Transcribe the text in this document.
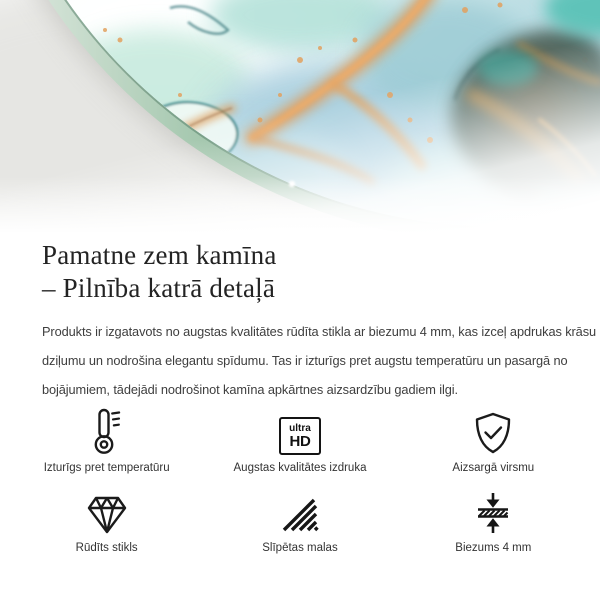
Pamatne zem kamīna
– Pilnība katrā detaļā

Produkts ir izgatavots no augstas kvalitātes rūdīta stikla ar biezumu 4 mm, kas izceļ apdrukas krāsu dziļumu un nodrošina elegantu spīdumu. Tas ir izturīgs pret augstu temperatūru un pasargā no bojājumiem, tādejādi nodrošinot kamīna apkārtnes aizsardzību gadiem ilgi.

Izturīgs pret temperatūru
ultra
HD
Augstas kvalitātes izdruka	Aizsargā virsmu
Rūdīts stikls	Slīpētas malas	Biezums 4 mm
